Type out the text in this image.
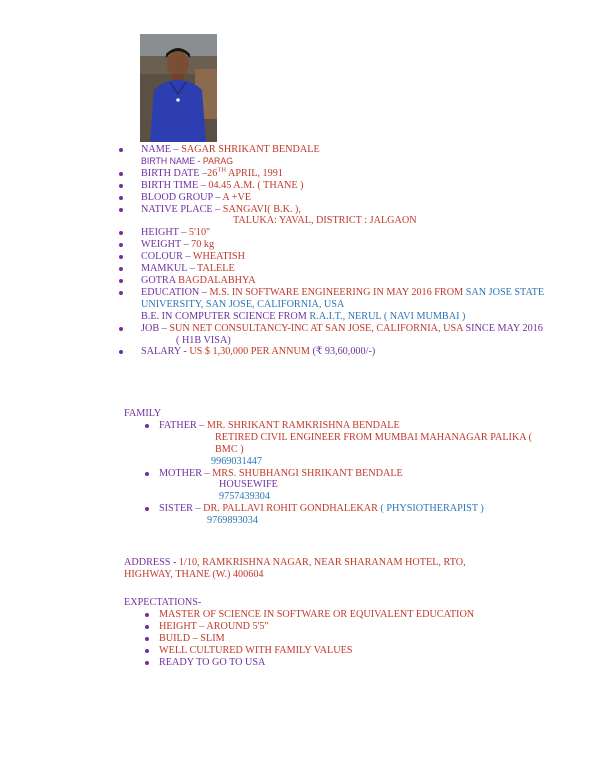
NAME – SAGAR SHRIKANT BENDALE
BIRTH NAME - PARAG
BIRTH DATE –26TH APRIL, 1991
BIRTH TIME – 04.45 A.M. ( THANE )
BLOOD GROUP – A +VE
NATIVE PLACE – SANGAVI( B.K. ),
TALUKA: YAVAL, DISTRICT : JALGAON
HEIGHT – 5'10"
WEIGHT – 70 kg
COLOUR – WHEATISH
MAMKUL – TALELE
GOTRA BAGDALABHYA
EDUCATION – M.S. IN SOFTWARE ENGINEERING IN MAY 2016 FROM SAN JOSE STATE UNIVERSITY, SAN JOSE, CALIFORNIA, USA
B.E. IN COMPUTER SCIENCE FROM R.A.I.T., NERUL ( NAVI MUMBAI )
JOB – SUN NET CONSULTANCY-INC AT SAN JOSE, CALIFORNIA, USA SINCE MAY 2016
( H1B VISA)
SALARY - US $ 1,30,000 PER ANNUM (₹ 93,60,000/-)
FAMILY
FATHER – MR. SHRIKANT RAMKRISHNA BENDALE
RETIRED CIVIL ENGINEER FROM MUMBAI MAHANAGAR PALIKA ( BMC )
9969031447
MOTHER – MRS. SHUBHANGI SHRIKANT BENDALE
HOUSEWIFE
9757439304
SISTER – DR. PALLAVI ROHIT GONDHALEKAR ( PHYSIOTHERAPIST )
9769893034
ADDRESS - 1/10, RAMKRISHNA NAGAR, NEAR SHARANAM HOTEL, RTO,
HIGHWAY, THANE (W.) 400604
EXPECTATIONS-
MASTER OF SCIENCE IN SOFTWARE OR EQUIVALENT EDUCATION
HEIGHT – AROUND 5'5"
BUILD – SLIM
WELL CULTURED WITH FAMILY VALUES
READY TO GO TO USA
